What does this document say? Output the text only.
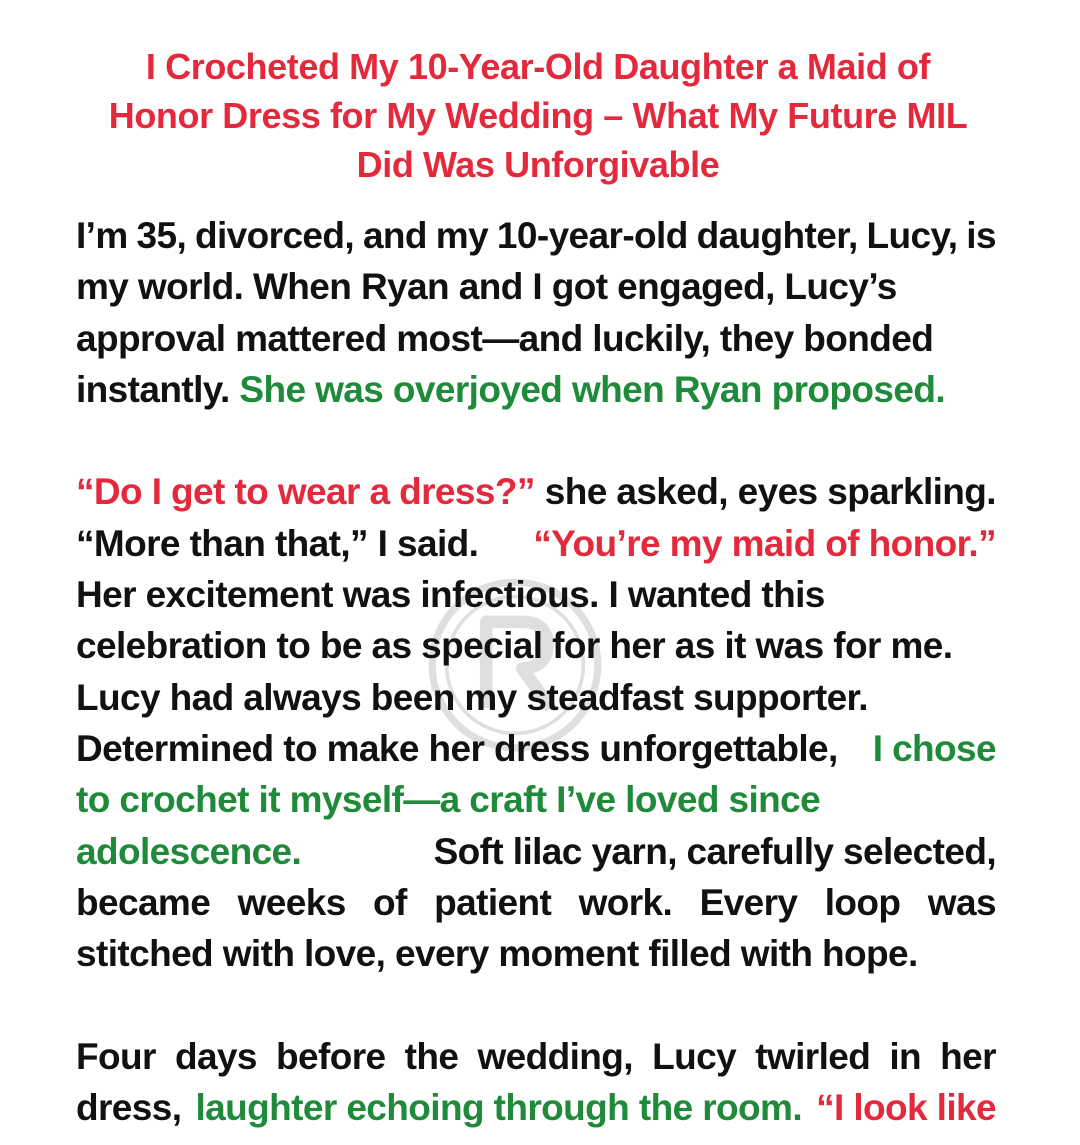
I Crocheted My 10-Year-Old Daughter a Maid of
Honor Dress for My Wedding – What My Future MIL
Did Was Unforgivable
I’m 35, divorced, and my 10-year-old daughter, Lucy, is
my world. When Ryan and I got engaged, Lucy’s
approval mattered most—and luckily, they bonded
instantly. She was overjoyed when Ryan proposed.
“Do I get to wear a dress?” she asked, eyes sparkling.
“More than that,” I said. “You’re my maid of honor.”
Her excitement was infectious. I wanted this
celebration to be as special for her as it was for me.
Lucy had always been my steadfast supporter.
Determined to make her dress unforgettable, I chose
to crochet it myself—a craft I’ve loved since
adolescence.	Soft lilac yarn, carefully selected,
became weeks of patient work. Every loop was
stitched with love, every moment filled with hope.
Four days before the wedding, Lucy twirled in her
dress, laughter echoing through the room. “I look like
